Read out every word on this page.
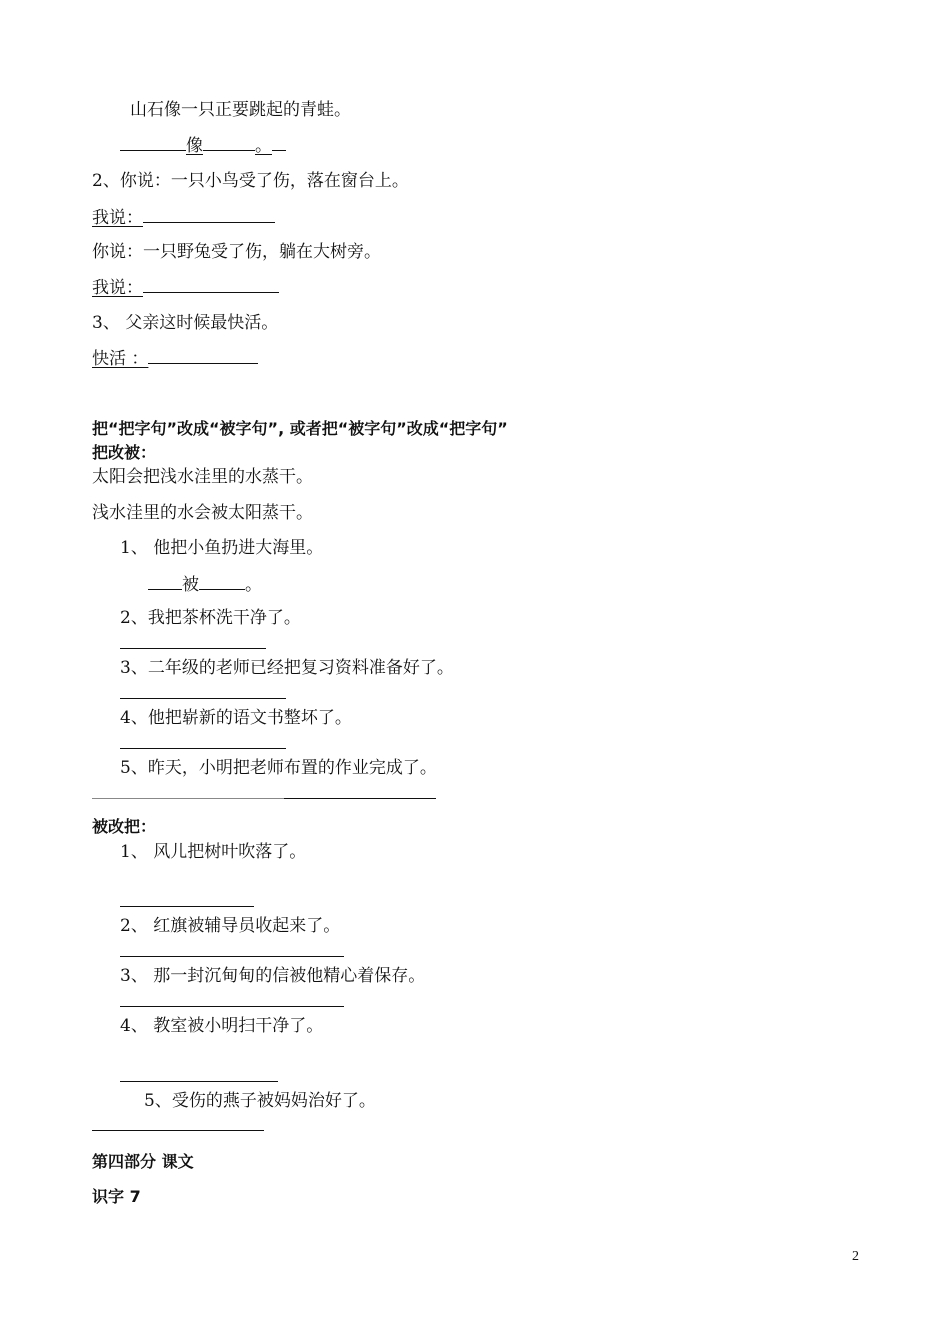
山石像一只正要跳起的青蛙。
像	。
2、你说：一只小鸟受了伤，落在窗台上。
我说：
你说：一只野兔受了伤，躺在大树旁。
我说：
3、 父亲这时候最快活。
快活 ：
把“把字句”改成“被字句”, 或者把“被字句”改成“把字句”
把改被：
太阳会把浅水洼里的水蒸干。
浅水洼里的水会被太阳蒸干。
1、 他把小鱼扔进大海里。
被	。
2、我把茶杯洗干净了。
3、二年级的老师已经把复习资料准备好了。
4、他把崭新的语文书整坏了。
5、昨天，小明把老师布置的作业完成了。
被改把：
1、 风儿把树叶吹落了。
2、 红旗被辅导员收起来了。
3、 那一封沉甸甸的信被他精心着保存。
4、 教室被小明扫干净了。
5、受伤的燕子被妈妈治好了。
第四部分 课文
识字 7
2
